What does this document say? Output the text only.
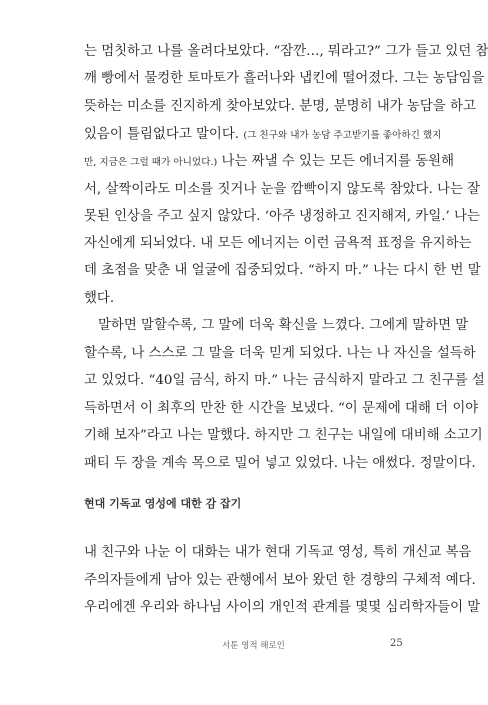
는 멈칫하고 나를 올려다보았다. “잠깐…, 뭐라고?” 그가 들고 있던 참
깨 빵에서 물컹한 토마토가 흘러나와 냅킨에 떨어졌다. 그는 농담임을
뜻하는 미소를 진지하게 찾아보았다. 분명, 분명히 내가 농담을 하고
있음이 틀림없다고 말이다. (그 친구와 내가 농담 주고받기를 좋아하긴 했지
만, 지금은 그럴 때가 아니었다.) 나는 짜낼 수 있는 모든 에너지를 동원해
서, 살짝이라도 미소를 짓거나 눈을 깜빡이지 않도록 참았다. 나는 잘
못된 인상을 주고 싶지 않았다. ‘아주 냉정하고 진지해져, 카일.’ 나는
자신에게 되뇌었다. 내 모든 에너지는 이런 금욕적 표정을 유지하는
데 초점을 맞춘 내 얼굴에 집중되었다. “하지 마.” 나는 다시 한 번 말
했다.
말하면 말할수록, 그 말에 더욱 확신을 느꼈다. 그에게 말하면 말
할수록, 나 스스로 그 말을 더욱 믿게 되었다. 나는 나 자신을 설득하
고 있었다. “40일 금식, 하지 마.” 나는 금식하지 말라고 그 친구를 설
득하면서 이 최후의 만찬 한 시간을 보냈다. “이 문제에 대해 더 이야
기해 보자”라고 나는 말했다. 하지만 그 친구는 내일에 대비해 소고기
패티 두 장을 계속 목으로 밀어 넣고 있었다. 나는 애썼다. 정말이다.
현대 기독교 영성에 대한 감 잡기
내 친구와 나눈 이 대화는 내가 현대 기독교 영성, 특히 개신교 복음
주의자들에게 남아 있는 관행에서 보아 왔던 한 경향의 구체적 예다.
우리에겐 우리와 하나님 사이의 개인적 관계를 몇몇 심리학자들이 말
서툰 영적 해로인	25
